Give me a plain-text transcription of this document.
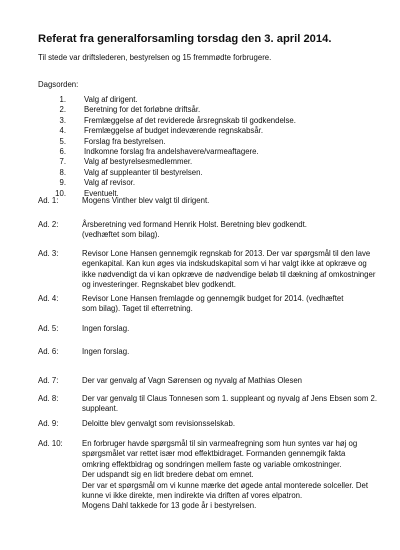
Referat fra generalforsamling torsdag den 3. april 2014.

Til stede var driftslederen, bestyrelsen og 15 fremmødte forbrugere.

Dagsorden:

1. Valg af dirigent.
2. Beretning for det forløbne driftsår.
3. Fremlæggelse af det reviderede årsregnskab til godkendelse.
4. Fremlæggelse af budget indeværende regnskabsår.
5. Forslag fra bestyrelsen.
6. Indkomne forslag fra andelshavere/varmeaftagere.
7. Valg af bestyrelsesmedlemmer.
8. Valg af suppleanter til bestyrelsen.
9. Valg af revisor.
10. Eventuelt.
Ad. 1:	Mogens Vinther blev valgt til dirigent.
Ad. 2:	Årsberetning ved formand Henrik Holst. Beretning blev godkendt.
(vedhæftet som bilag).
Ad. 3:	Revisor Lone Hansen gennemgik regnskab for 2013. Der var spørgsmål til den lave
egenkapital. Kan kun øges via indskudskapital som vi har valgt ikke at opkræve og
ikke nødvendigt da vi kan opkræve de nødvendige beløb til dækning af omkostninger
og investeringer. Regnskabet blev godkendt.
Ad. 4:	Revisor Lone Hansen fremlagde og gennemgik budget for 2014. (vedhæftet
som bilag). Taget til efterretning.
Ad. 5:	Ingen forslag.
Ad. 6:	Ingen forslag.
Ad. 7:	Der var genvalg af Vagn Sørensen og nyvalg af Mathias Olesen
Ad. 8:	Der var genvalg til Claus Tonnesen som 1. suppleant og nyvalg af Jens Ebsen som 2.
suppleant.
Ad. 9:	Deloitte blev genvalgt som revisionsselskab.
Ad. 10:	En forbruger havde spørgsmål til sin varmeafregning som hun syntes var høj og
spørgsmålet var rettet især mod effektbidraget. Formanden gennemgik fakta
omkring effektbidrag og sondringen mellem faste og variable omkostninger.
Der udspandt sig en lidt bredere debat om emnet.
Der var et spørgsmål om vi kunne mærke det øgede antal monterede solceller. Det
kunne vi ikke direkte, men indirekte via driften af vores elpatron.
Mogens Dahl takkede for 13 gode år i bestyrelsen.
